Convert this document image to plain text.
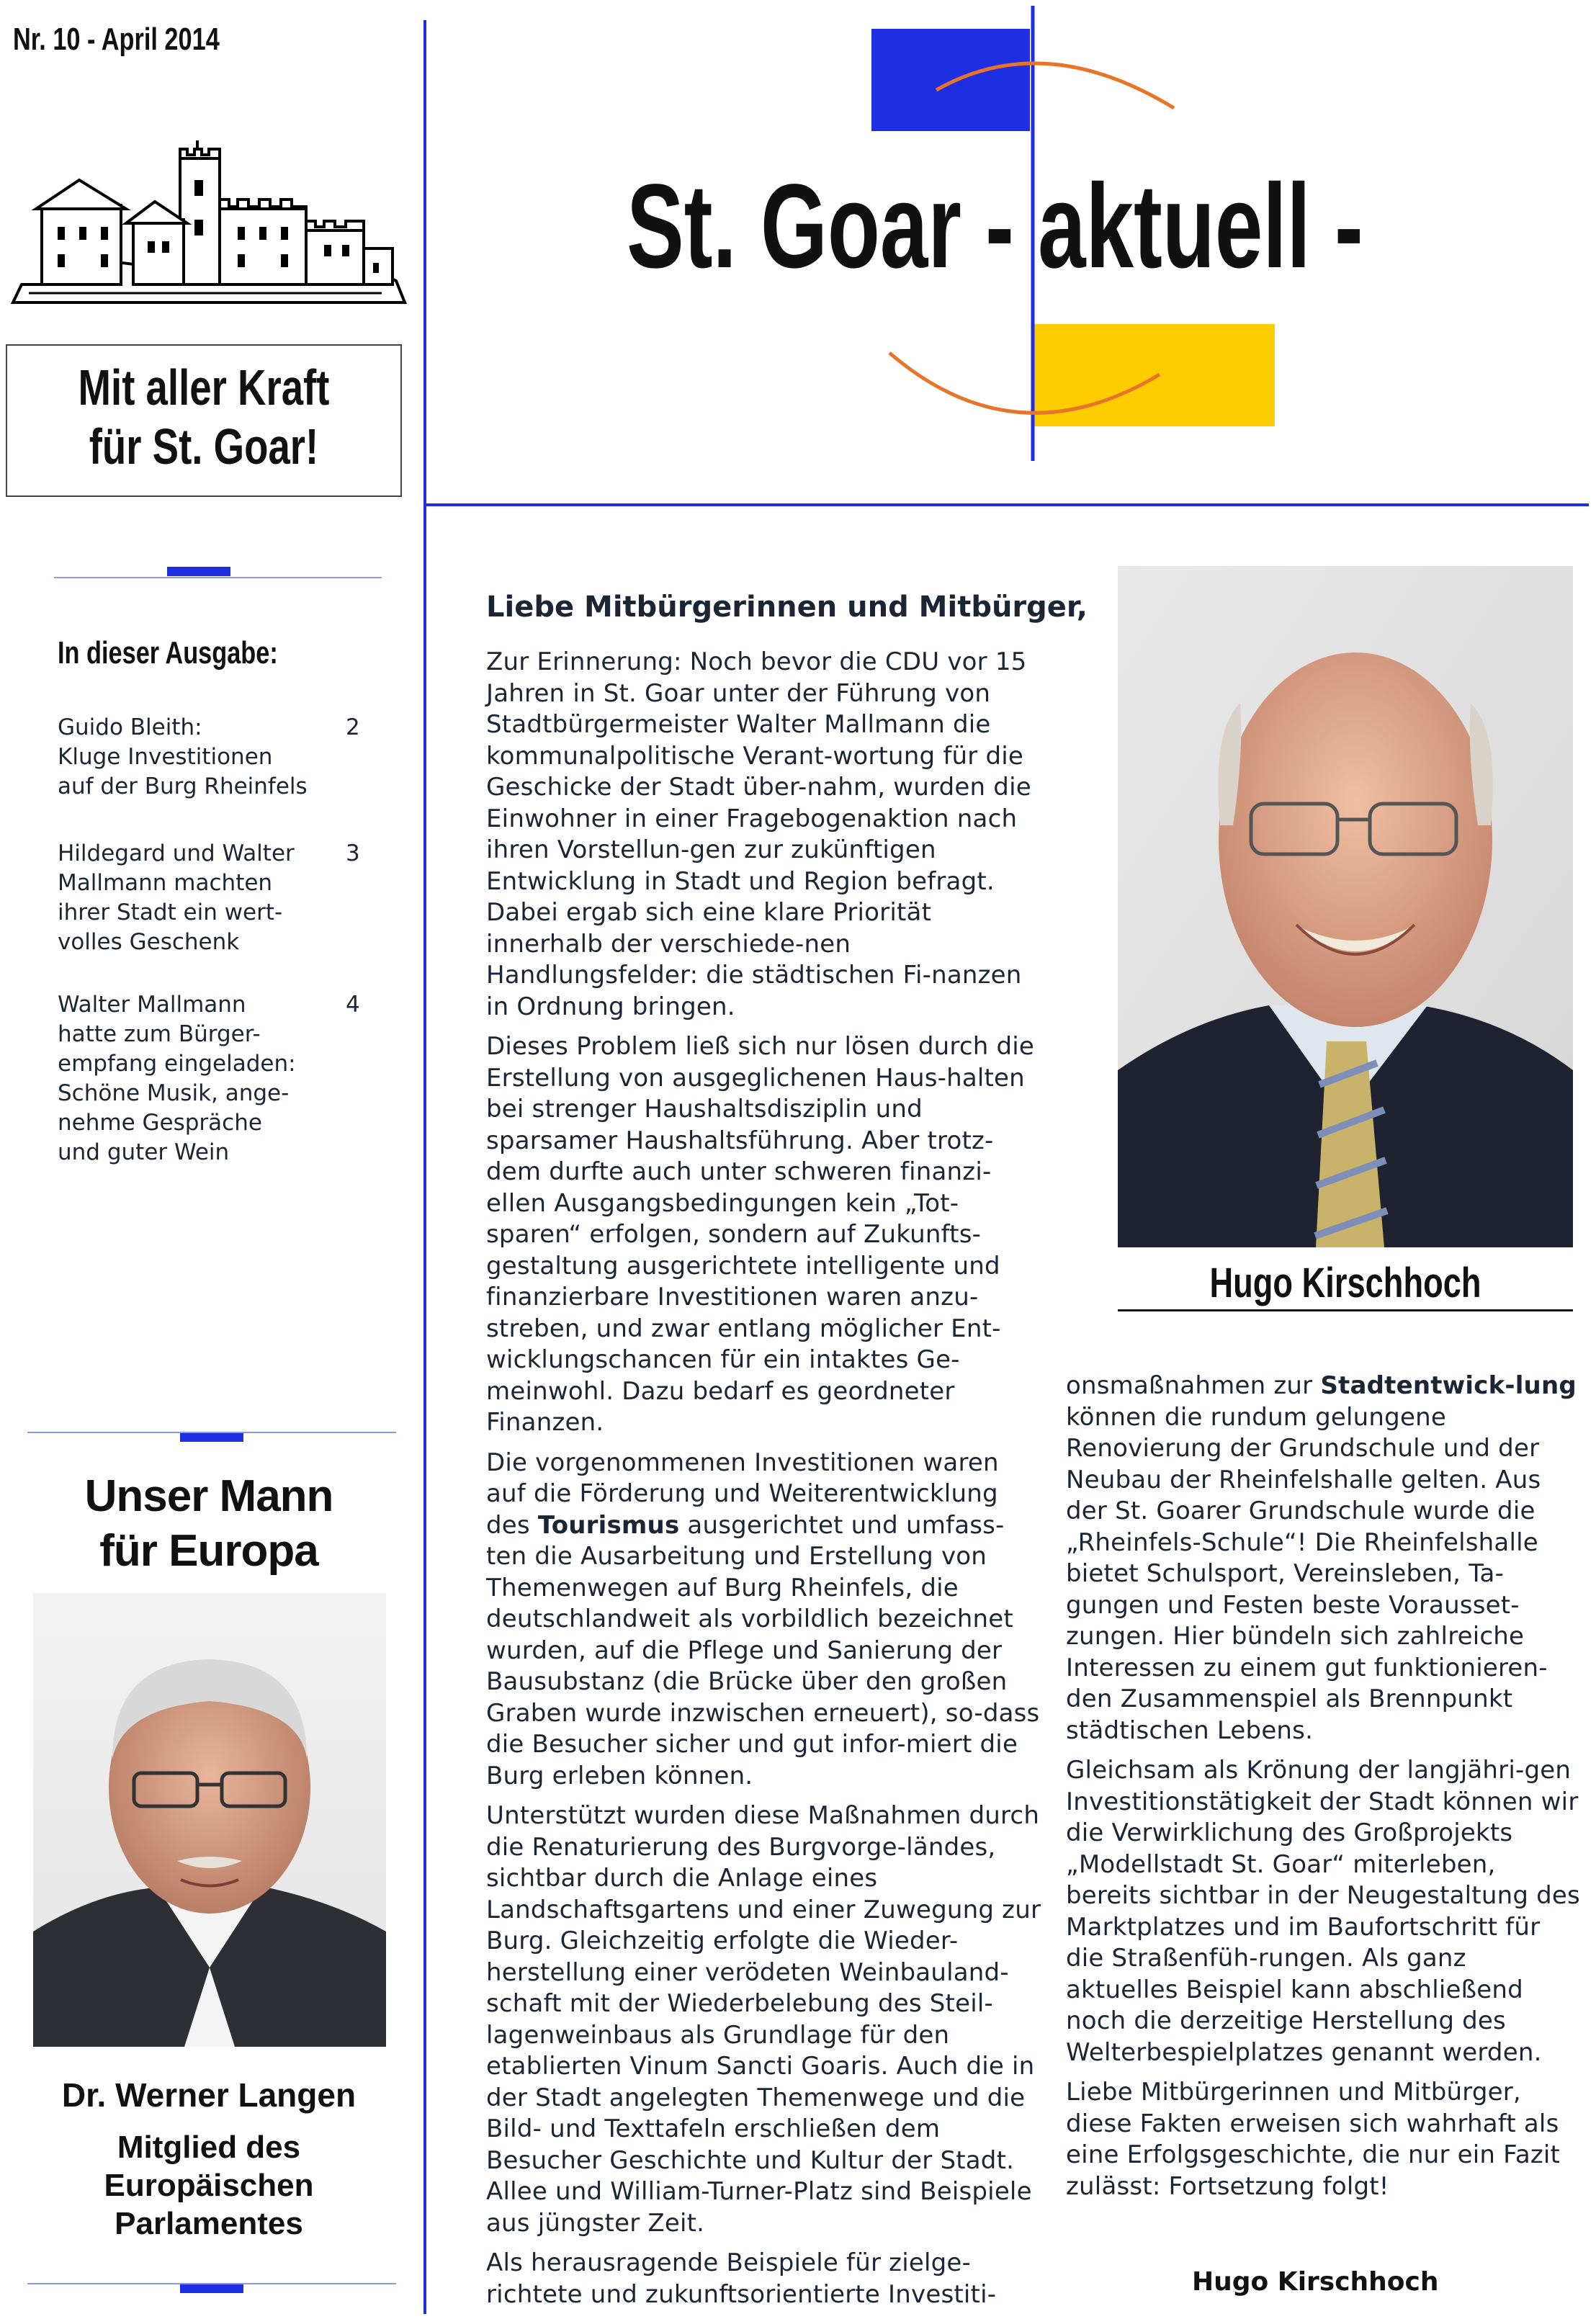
Nr. 10 - April 2014
Mit aller Kraft
für St. Goar!
St. Goar - aktuell -
In dieser Ausgabe:
Guido Bleith:
Kluge Investitionen
auf der Burg Rheinfels
2
Hildegard und Walter
Mallmann machten
ihrer Stadt ein wert-
volles Geschenk
3
Walter Mallmann
hatte zum Bürger-
empfang eingeladen:
Schöne Musik, ange-
nehme Gespräche
und guter Wein
4
Unser Mann
für Europa
Dr. Werner Langen
Mitglied des
Europäischen
Parlamentes
Liebe Mitbürgerinnen und Mitbürger,
Hugo Kirschhoch

Zur Erinnerung: Noch bevor die CDU vor 15 Jahren in St. Goar unter der Führung von Stadtbürgermeister Walter Mallmann die kommunalpolitische Verant-wortung für die Geschicke der Stadt über-nahm, wurden die Einwohner in einer Fragebogenaktion nach ihren Vorstellun-gen zur zukünftigen Entwicklung in Stadt und Region befragt. Dabei ergab sich eine klare Priorität innerhalb der verschiede-nen Handlungsfelder: die städtischen Fi-nanzen in Ordnung bringen.

Dieses Problem ließ sich nur lösen durch die Erstellung von ausgeglichenen Haus-halten bei strenger Haushaltsdisziplin und sparsamer Haushaltsführung. Aber trotz-dem durfte auch unter schweren finanzi-ellen Ausgangsbedingungen kein „Tot-sparen“ erfolgen, sondern auf Zukunfts-gestaltung ausgerichtete intelligente und finanzierbare Investitionen waren anzu-streben, und zwar entlang möglicher Ent-wicklungschancen für ein intaktes Ge-meinwohl. Dazu bedarf es geordneter Finanzen.

Die vorgenommenen Investitionen waren auf die Förderung und Weiterentwicklung des Tourismus ausgerichtet und umfass-ten die Ausarbeitung und Erstellung von Themenwegen auf Burg Rheinfels, die deutschlandweit als vorbildlich bezeichnet wurden, auf die Pflege und Sanierung der Bausubstanz (die Brücke über den großen Graben wurde inzwischen erneuert), so-dass die Besucher sicher und gut infor-miert die Burg erleben können.

Unterstützt wurden diese Maßnahmen durch die Renaturierung des Burgvorge-ländes, sichtbar durch die Anlage eines Landschaftsgartens und einer Zuwegung zur Burg. Gleichzeitig erfolgte die Wieder-herstellung einer verödeten Weinbauland-schaft mit der Wiederbelebung des Steil-lagenweinbaus als Grundlage für den etablierten Vinum Sancti Goaris. Auch die in der Stadt angelegten Themenwege und die Bild- und Texttafeln erschließen dem Besucher Geschichte und Kultur der Stadt. Allee und William-Turner-Platz sind Beispiele aus jüngster Zeit.

Als herausragende Beispiele für zielge-richtete und zukunftsorientierte Investiti-

onsmaßnahmen zur Stadtentwick-lung können die rundum gelungene Renovierung der Grundschule und der Neubau der Rheinfelshalle gelten. Aus der St. Goarer Grundschule wurde die „Rheinfels-Schule“! Die Rheinfelshalle bietet Schulsport, Vereinsleben, Ta-gungen und Festen beste Vorausset-zungen. Hier bündeln sich zahlreiche Interessen zu einem gut funktionieren-den Zusammenspiel als Brennpunkt städtischen Lebens.

Gleichsam als Krönung der langjähri-gen Investitionstätigkeit der Stadt können wir die Verwirklichung des Großprojekts „Modellstadt St. Goar“ miterleben, bereits sichtbar in der Neugestaltung des Marktplatzes und im Baufortschritt für die Straßenfüh-rungen. Als ganz aktuelles Beispiel kann abschließend noch die derzeitige Herstellung des Welterbespielplatzes genannt werden.

Liebe Mitbürgerinnen und Mitbürger, diese Fakten erweisen sich wahrhaft als eine Erfolgsgeschichte, die nur ein Fazit zulässt: Fortsetzung folgt!

Hugo Kirschhoch
